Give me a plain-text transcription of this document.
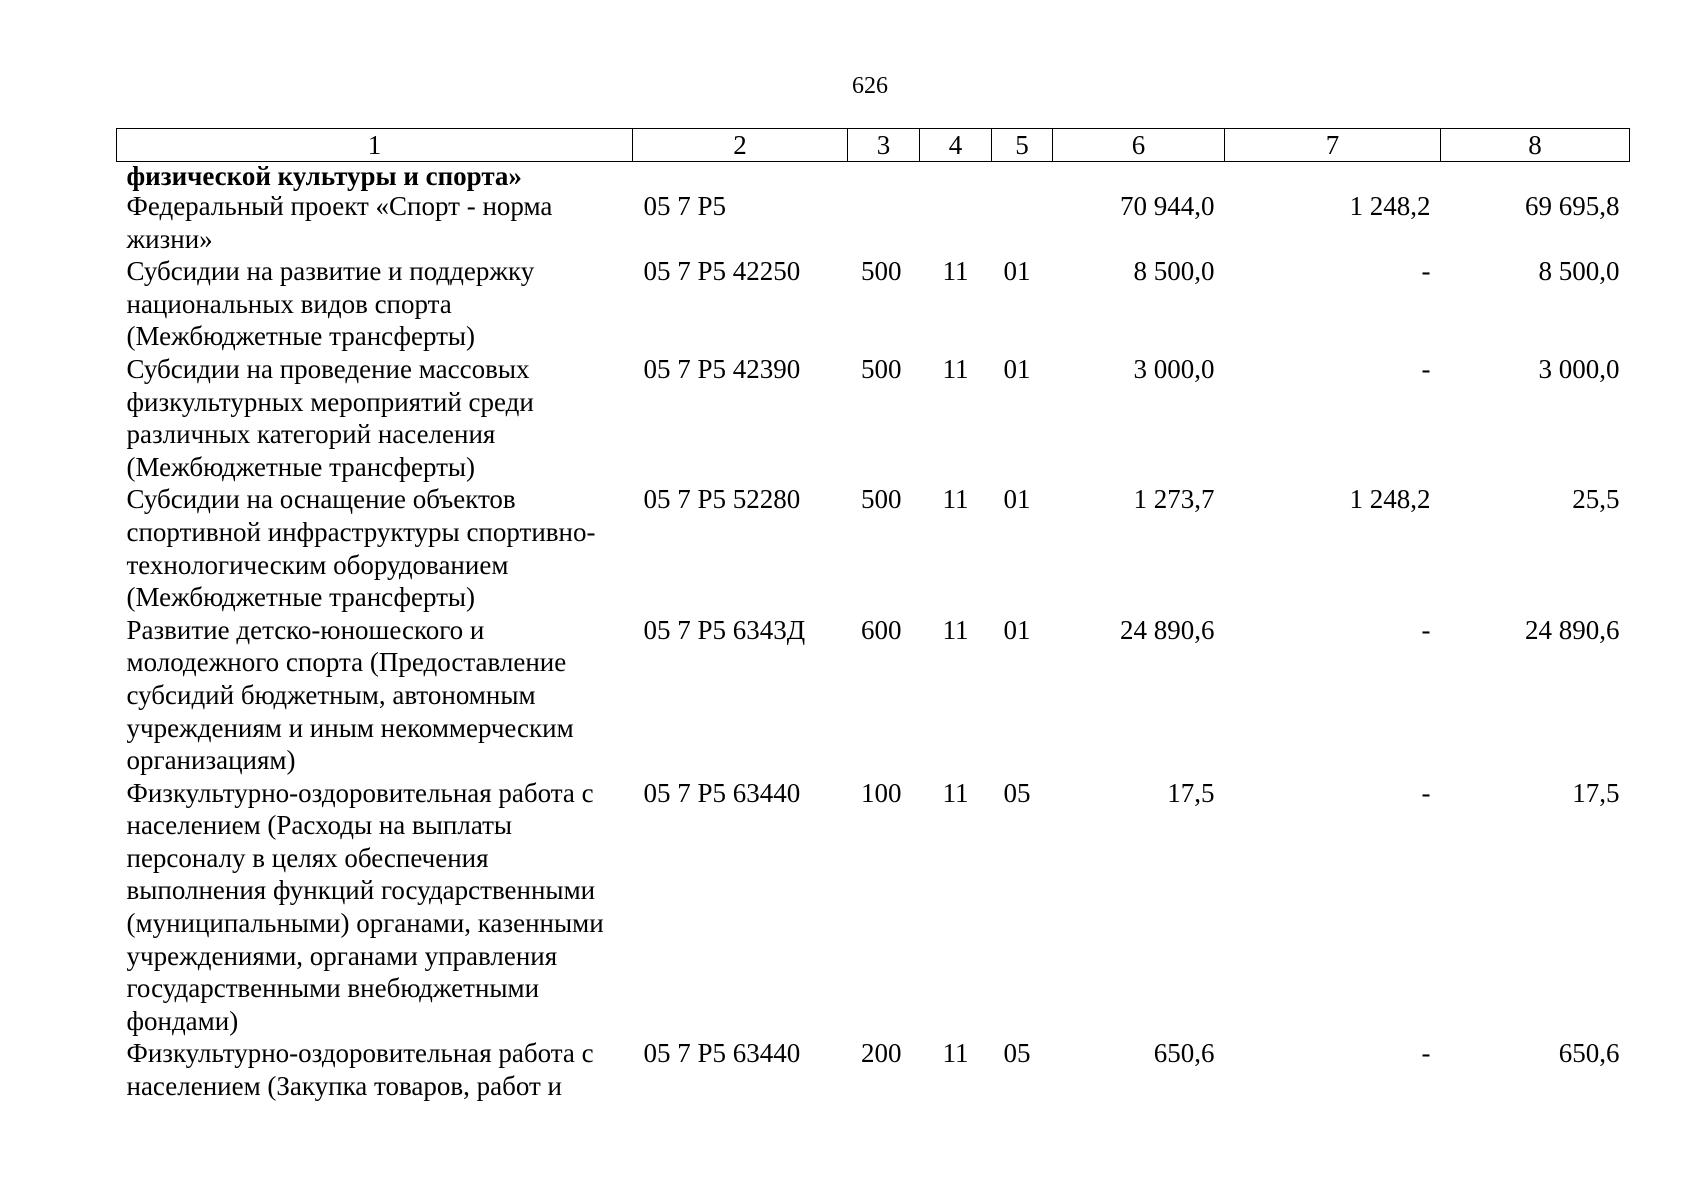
626
1	2	3	4	5	6	7	8
физической культуры и спорта»							
Федеральный проект «Спорт - норма жизни»	05 7 P5				70 944,0	1 248,2	69 695,8
Субсидии на развитие и поддержку национальных видов спорта (Межбюджетные трансферты)	05 7 P5 42250	500	11	01	8 500,0	-	8 500,0
Субсидии на проведение массовых физкультурных мероприятий среди различных категорий населения (Межбюджетные трансферты)	05 7 P5 42390	500	11	01	3 000,0	-	3 000,0
Субсидии на оснащение объектов спортивной инфраструктуры спортивно-технологическим оборудованием (Межбюджетные трансферты)	05 7 P5 52280	500	11	01	1 273,7	1 248,2	25,5
Развитие детско-юношеского и молодежного спорта (Предоставление субсидий бюджетным, автономным учреждениям и иным некоммерческим организациям)	05 7 P5 6343Д	600	11	01	24 890,6	-	24 890,6
Физкультурно-оздоровительная работа с населением (Расходы на выплаты персоналу в целях обеспечения выполнения функций государственными (муниципальными) органами, казенными учреждениями, органами управления государственными внебюджетными фондами)	05 7 P5 63440	100	11	05	17,5	-	17,5
Физкультурно-оздоровительная работа с населением (Закупка товаров, работ и	05 7 P5 63440	200	11	05	650,6	-	650,6
